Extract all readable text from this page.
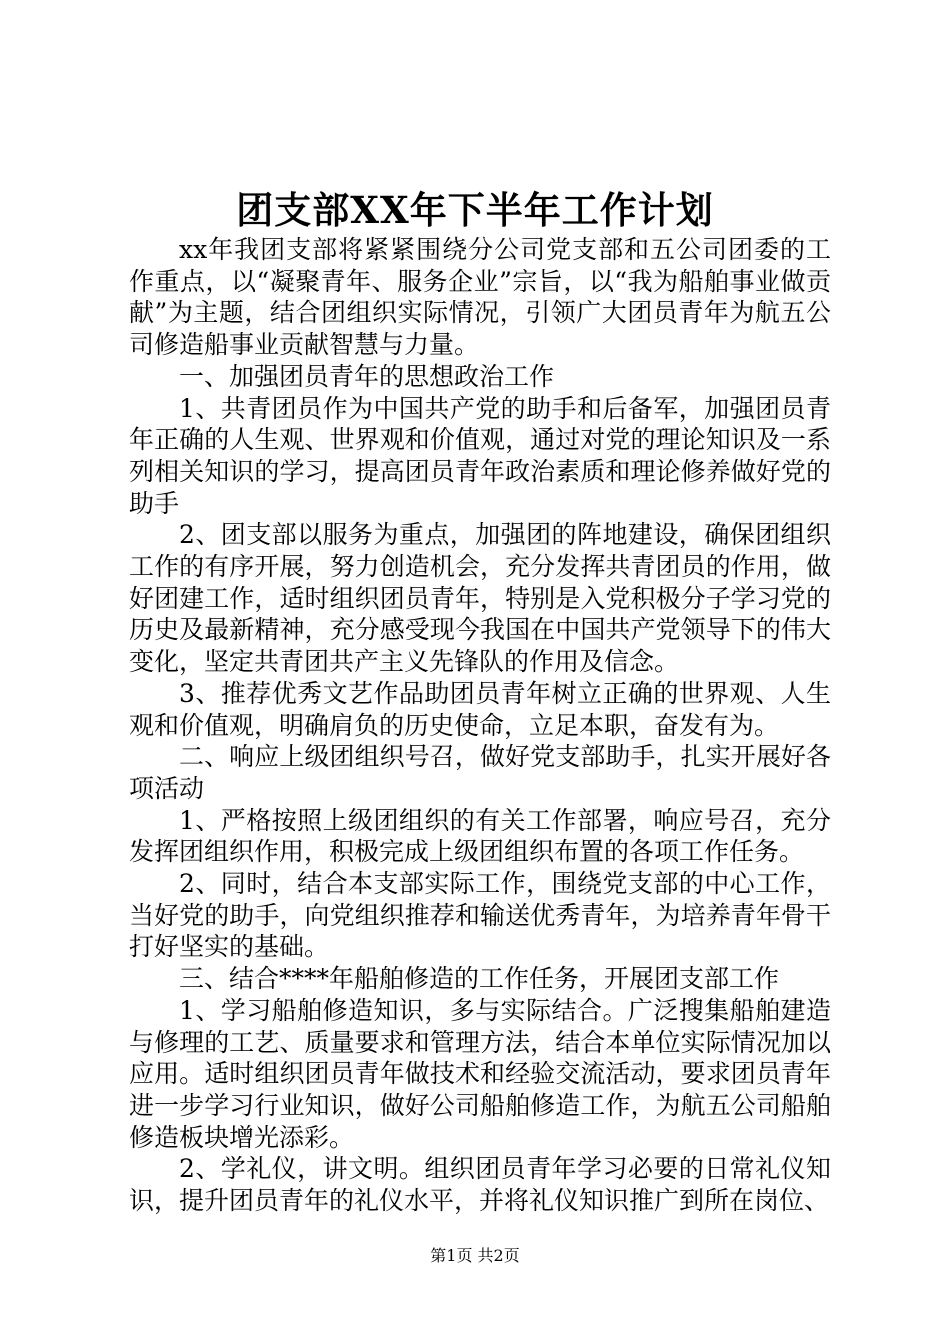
团支部XX年下半年工作计划

xx年我团支部将紧紧围绕分公司党支部和五公司团委的工作重点，以“凝聚青年、服务企业”宗旨，以“我为船舶事业做贡献”为主题，结合团组织实际情况，引领广大团员青年为航五公司修造船事业贡献智慧与力量。

一、加强团员青年的思想政治工作

1、共青团员作为中国共产党的助手和后备军，加强团员青年正确的人生观、世界观和价值观，通过对党的理论知识及一系列相关知识的学习，提高团员青年政治素质和理论修养做好党的助手

2、团支部以服务为重点，加强团的阵地建设，确保团组织工作的有序开展，努力创造机会，充分发挥共青团员的作用，做好团建工作，适时组织团员青年，特别是入党积极分子学习党的历史及最新精神，充分感受现今我国在中国共产党领导下的伟大变化，坚定共青团共产主义先锋队的作用及信念。

3、推荐优秀文艺作品助团员青年树立正确的世界观、人生观和价值观，明确肩负的历史使命，立足本职，奋发有为。

二、响应上级团组织号召，做好党支部助手，扎实开展好各项活动

1、严格按照上级团组织的有关工作部署，响应号召，充分发挥团组织作用，积极完成上级团组织布置的各项工作任务。

2、同时，结合本支部实际工作，围绕党支部的中心工作，当好党的助手，向党组织推荐和输送优秀青年，为培养青年骨干打好坚实的基础。

三、结合****年船舶修造的工作任务，开展团支部工作

1、学习船舶修造知识，多与实际结合。广泛搜集船舶建造与修理的工艺、质量要求和管理方法，结合本单位实际情况加以应用。适时组织团员青年做技术和经验交流活动，要求团员青年进一步学习行业知识，做好公司船舶修造工作，为航五公司船舶修造板块增光添彩。

2、学礼仪，讲文明。组织团员青年学习必要的日常礼仪知识，提升团员青年的礼仪水平，并将礼仪知识推广到所在岗位、

第1页 共2页
